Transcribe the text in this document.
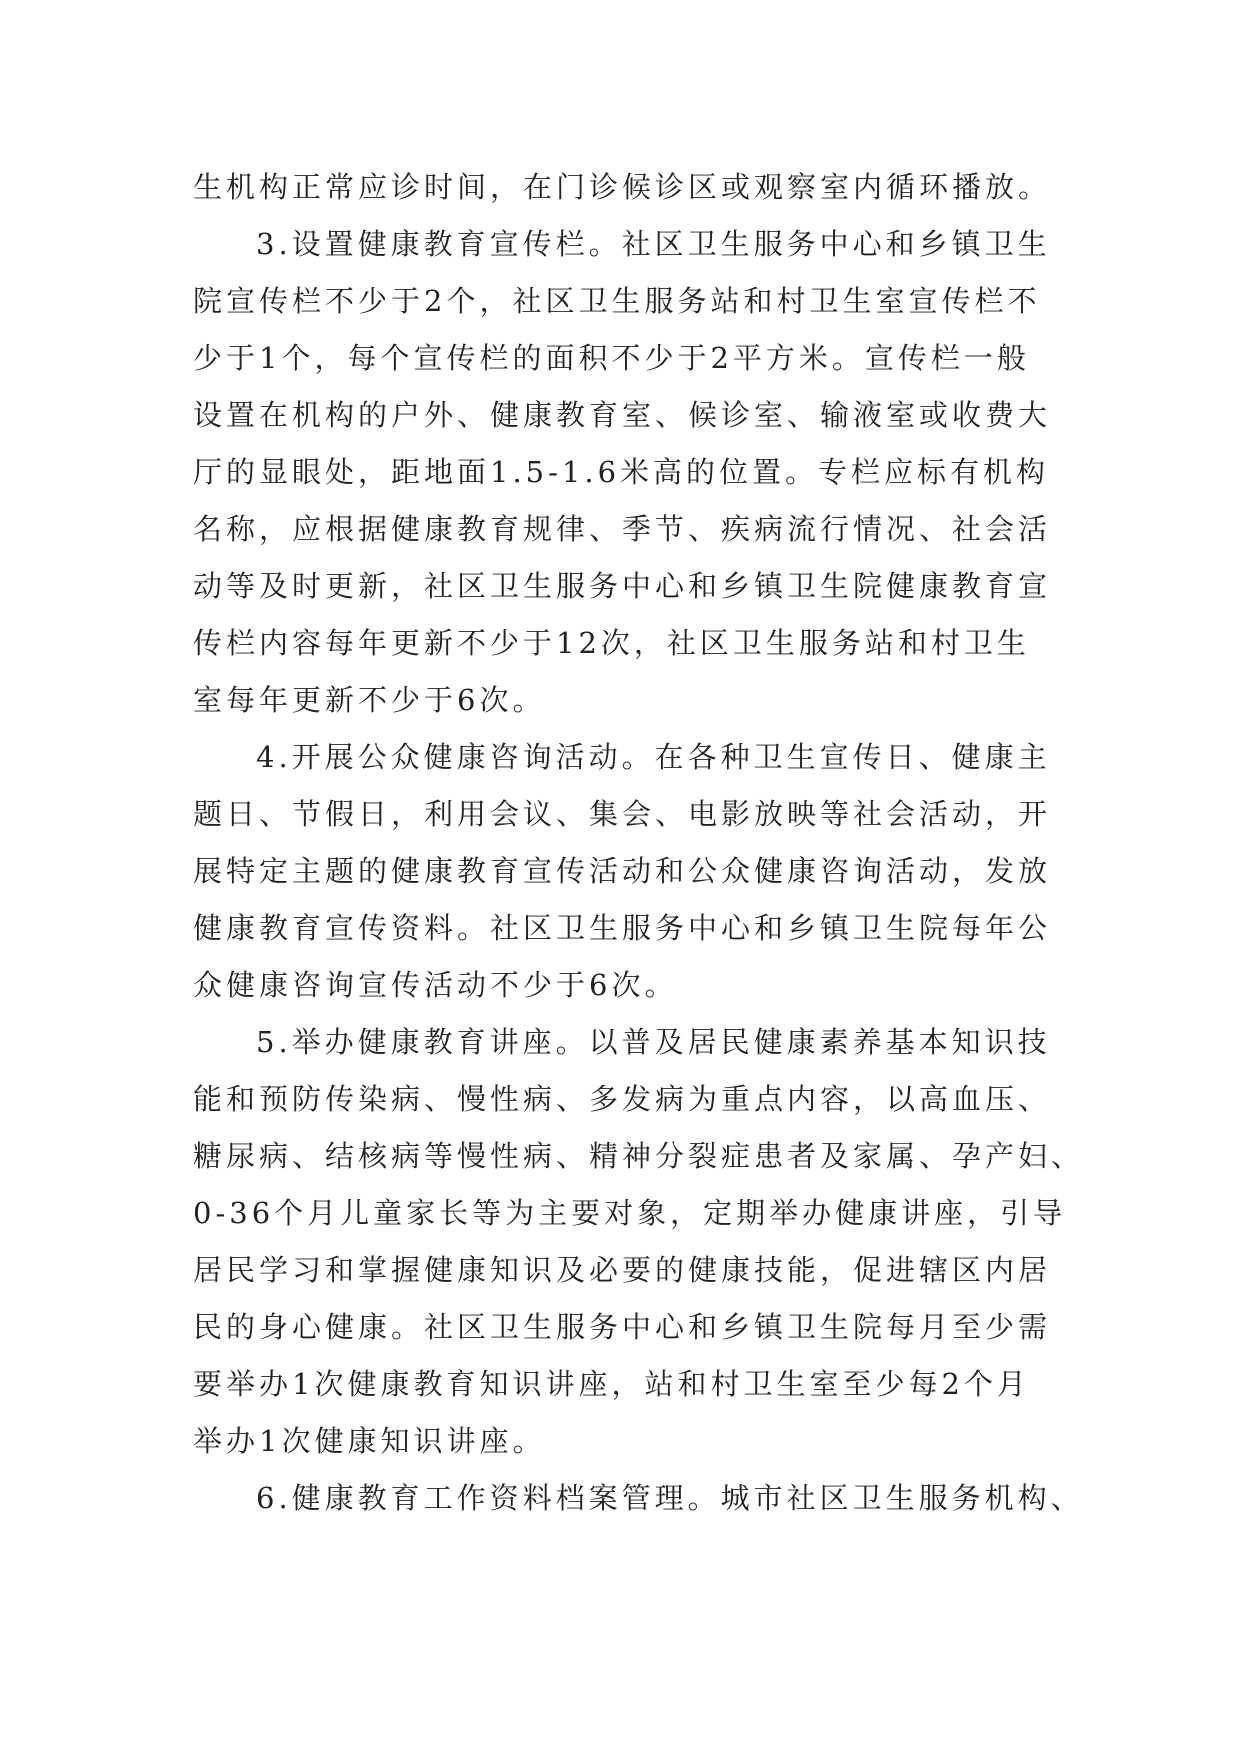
生机构正常应诊时间，在门诊候诊区或观察室内循环播放。
3.设置健康教育宣传栏。社区卫生服务中心和乡镇卫生
院宣传栏不少于2个，社区卫生服务站和村卫生室宣传栏不
少于1个，每个宣传栏的面积不少于2平方米。宣传栏一般
设置在机构的户外、健康教育室、候诊室、输液室或收费大
厅的显眼处，距地面1.5-1.6米高的位置。专栏应标有机构
名称，应根据健康教育规律、季节、疾病流行情况、社会活
动等及时更新，社区卫生服务中心和乡镇卫生院健康教育宣
传栏内容每年更新不少于12次，社区卫生服务站和村卫生
室每年更新不少于6次。
4.开展公众健康咨询活动。在各种卫生宣传日、健康主
题日、节假日，利用会议、集会、电影放映等社会活动，开
展特定主题的健康教育宣传活动和公众健康咨询活动，发放
健康教育宣传资料。社区卫生服务中心和乡镇卫生院每年公
众健康咨询宣传活动不少于6次。
5.举办健康教育讲座。以普及居民健康素养基本知识技
能和预防传染病、慢性病、多发病为重点内容，以高血压、
糖尿病、结核病等慢性病、精神分裂症患者及家属、孕产妇、
0-36个月儿童家长等为主要对象，定期举办健康讲座，引导
居民学习和掌握健康知识及必要的健康技能，促进辖区内居
民的身心健康。社区卫生服务中心和乡镇卫生院每月至少需
要举办1次健康教育知识讲座，站和村卫生室至少每2个月
举办1次健康知识讲座。
6.健康教育工作资料档案管理。城市社区卫生服务机构、
